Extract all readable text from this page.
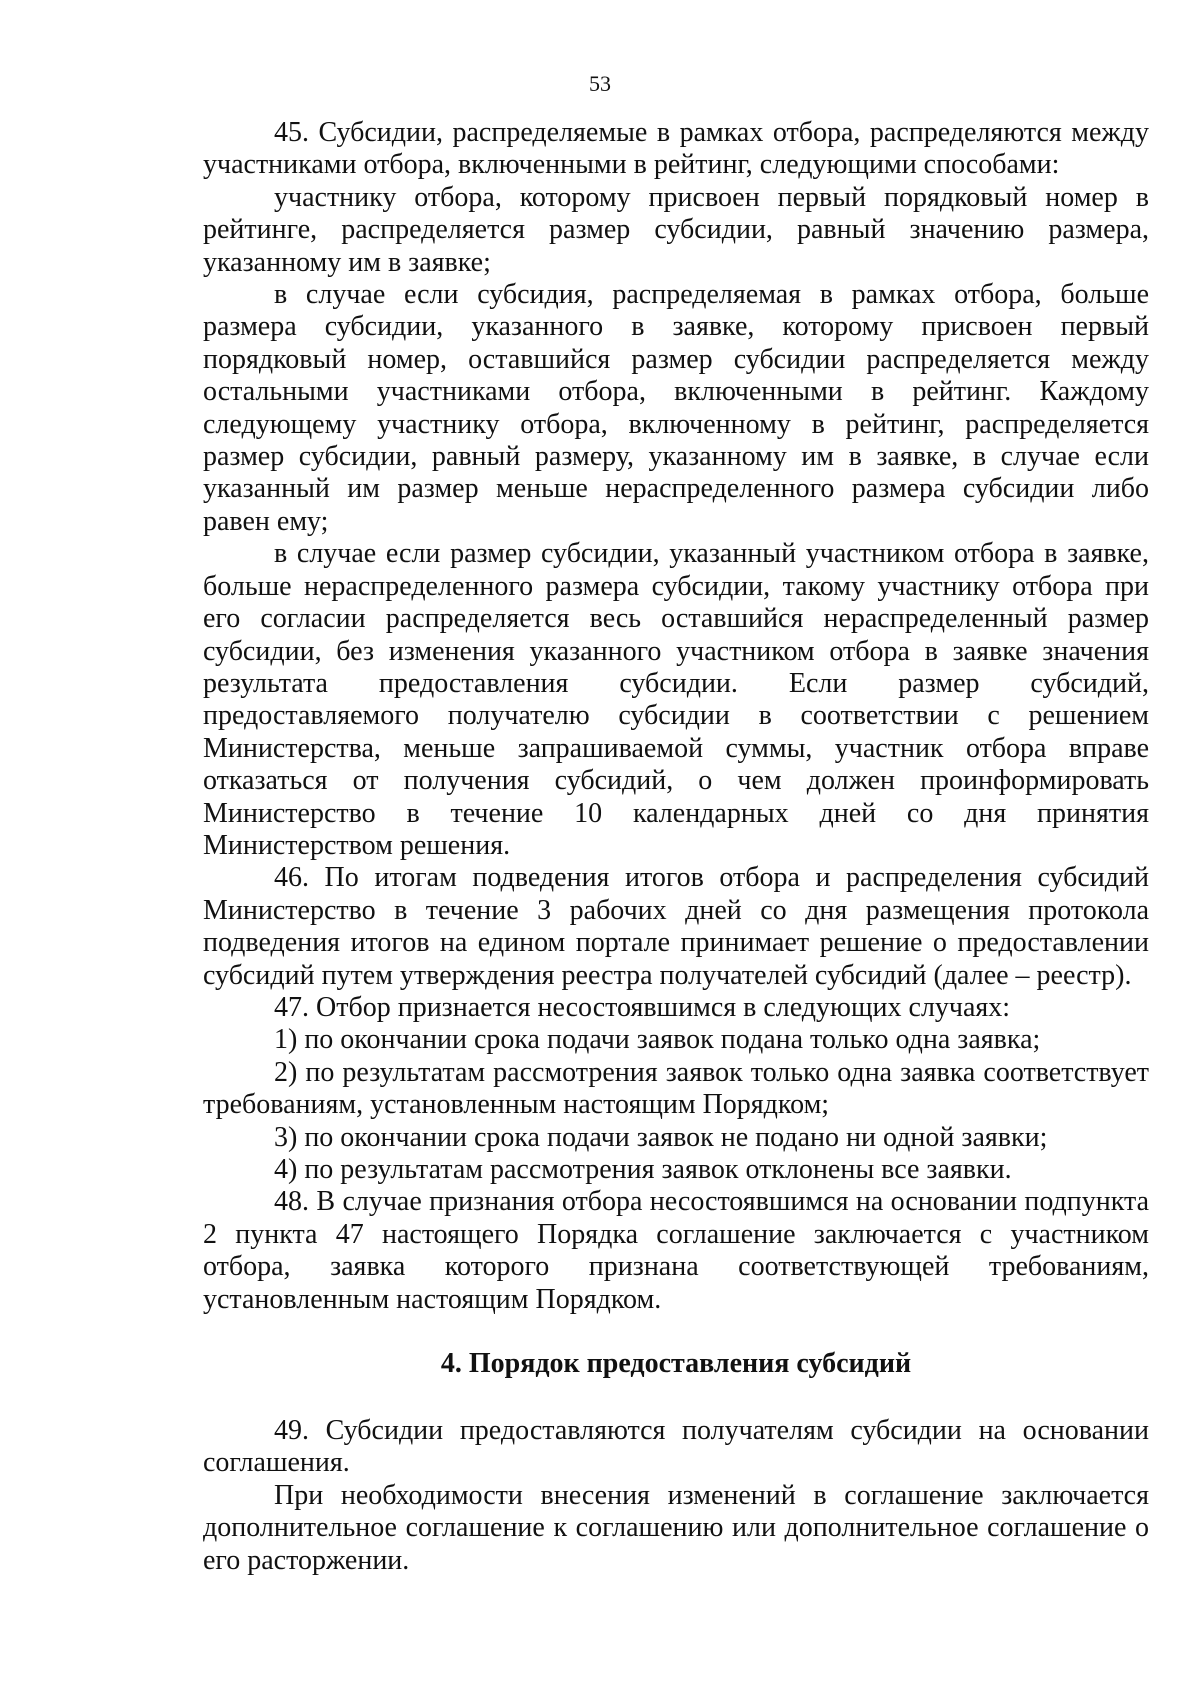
53

45. Субсидии, распределяемые в рамках отбора, распределяются между участниками отбора, включенными в рейтинг, следующими способами:

участнику отбора, которому присвоен первый порядковый номер в рейтинге, распределяется размер субсидии, равный значению размера, указанному им в заявке;

в случае если субсидия, распределяемая в рамках отбора, больше размера субсидии, указанного в заявке, которому присвоен первый порядковый номер, оставшийся размер субсидии распределяется между остальными участниками отбора, включенными в рейтинг. Каждому следующему участнику отбора, включенному в рейтинг, распределяется размер субсидии, равный размеру, указанному им в заявке, в случае если указанный им размер меньше нераспределенного размера субсидии либо равен ему;

в случае если размер субсидии, указанный участником отбора в заявке, больше нераспределенного размера субсидии, такому участнику отбора при его согласии распределяется весь оставшийся нераспределенный размер субсидии, без изменения указанного участником отбора в заявке значения результата предоставления субсидии. Если размер субсидий, предоставляемого получателю субсидии в соответствии с решением Министерства, меньше запрашиваемой суммы, участник отбора вправе отказаться от получения субсидий, о чем должен проинформировать Министерство в течение 10 календарных дней со дня принятия Министерством решения.

46. По итогам подведения итогов отбора и распределения субсидий Министерство в течение 3 рабочих дней со дня размещения протокола подведения итогов на едином портале принимает решение о предоставлении субсидий путем утверждения реестра получателей субсидий (далее – реестр).

47. Отбор признается несостоявшимся в следующих случаях:

1) по окончании срока подачи заявок подана только одна заявка;

2) по результатам рассмотрения заявок только одна заявка соответствует требованиям, установленным настоящим Порядком;

3) по окончании срока подачи заявок не подано ни одной заявки;

4) по результатам рассмотрения заявок отклонены все заявки.

48. В случае признания отбора несостоявшимся на основании подпункта 2 пункта 47 настоящего Порядка соглашение заключается с участником отбора, заявка которого признана соответствующей требованиям, установленным настоящим Порядком.

4. Порядок предоставления субсидий

49. Субсидии предоставляются получателям субсидии на основании соглашения.

При необходимости внесения изменений в соглашение заключается дополнительное соглашение к соглашению или дополнительное соглашение о его расторжении.
